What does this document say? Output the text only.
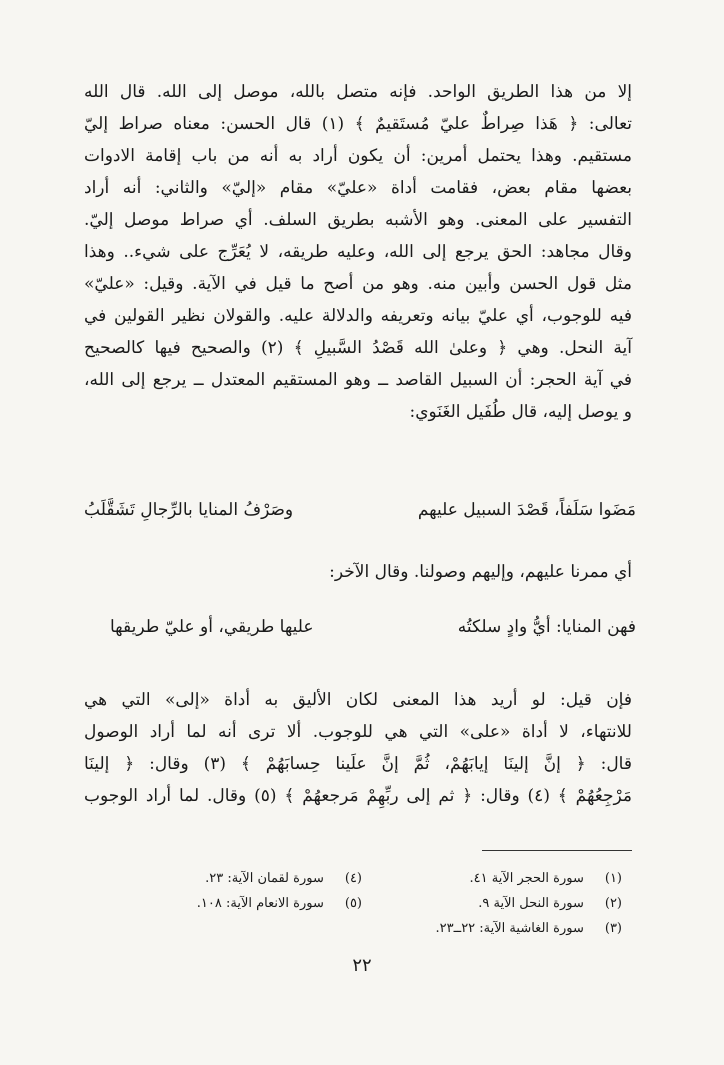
إلا من هذا الطريق الواحد. فإنه متصل بالله، موصل إلى الله. قال الله
تعالى: ﴿ هَذا صِراطٌ عليّ مُستَقيمٌ ﴾ (١) قال الحسن: معناه صراط إليّ
مستقيم. وهذا يحتمل أمرين: أن يكون أراد به أنه من باب إقامة الادوات
بعضها مقام بعض، فقامت أداة «عليّ» مقام «إليّ» والثاني: أنه أراد
التفسير على المعنى. وهو الأشبه بطريق السلف. أي صراط موصل إليّ.
وقال مجاهد: الحق يرجع إلى الله، وعليه طريقه، لا يُعَرِّج على شيء.. وهذا
مثل قول الحسن وأبين منه. وهو من أصح ما قيل في الآية. وقيل: «عليّ»
فيه للوجوب، أي عليّ بيانه وتعريفه والدلالة عليه. والقولان نظير القولين في
آية النحل. وهي ﴿ وعلىٰ الله قَصْدُ السَّبيلِ ﴾ (٢) والصحيح فيها كالصحيح
في آية الحجر: أن السبيل القاصد ــ وهو المستقيم المعتدل ــ يرجع إلى الله،
و يوصل إليه، قال طُفَيل الغَنَوي:
مَضَوا سَلَفاً، قَصْدَ السبيل عليهم
وصَرْفُ المنايا بالرِّجالِ تَشَقَّلَبُ
أي ممرنا عليهم، وإليهم وصولنا. وقال الآخر:
فهن المنايا: أيُّ وادٍ سلكتُه
عليها طريقي، أو عليّ طريقها
فإن قيل: لو أريد هذا المعنى لكان الأليق به أداة «إلى» التي هي
للانتهاء، لا أداة «على» التي هي للوجوب. ألا ترى أنه لما أراد الوصول
قال: ﴿ إنَّ إلينَا إيابَهُمْ، ثُمَّ إنَّ علَينا حِسابَهُمْ ﴾ (٣) وقال: ﴿ إلينَا
مَرْجِعُهُمْ ﴾ (٤) وقال: ﴿ ثم إلى ربِّهِمْ مَرجعهُمْ ﴾ (٥) وقال. لما أراد الوجوب
(١) سورة الحجر الآية ٤١.
(٢) سورة النحل الآية ٩.
(٣) سورة الغاشية الآية: ٢٢ــ٢٣.
(٤) سورة لقمان الآية: ٢٣.
(٥) سورة الانعام الآية: ١٠٨.
٢٢
